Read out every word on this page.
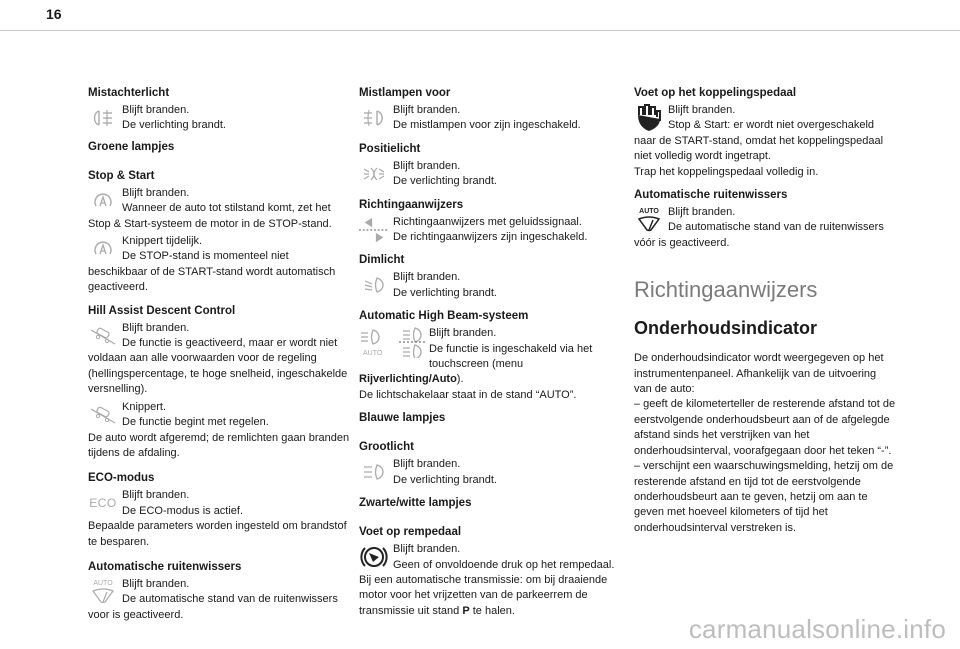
16
Mistachterlicht
Blijft branden.
De verlichting brandt.
Groene lampjes
Stop & Start
Blijft branden.
Wanneer de auto tot stilstand komt, zet het Stop & Start-systeem de motor in de STOP-stand.
Knippert tijdelijk.
De STOP-stand is momenteel niet beschikbaar of de START-stand wordt automatisch geactiveerd.
Hill Assist Descent Control
Blijft branden.
De functie is geactiveerd, maar er wordt niet voldaan aan alle voorwaarden voor de regeling (hellingspercentage, te hoge snelheid, ingeschakelde versnelling).
Knippert.
De functie begint met regelen.
De auto wordt afgeremd; de remlichten gaan branden tijdens de afdaling.
ECO-modus
ECO
Blijft branden.
De ECO-modus is actief.
Bepaalde parameters worden ingesteld om brandstof te besparen.
Automatische ruitenwissers
AUTO Blijft branden.
De automatische stand van de ruitenwissers voor is geactiveerd.
Mistlampen voor
Blijft branden.
De mistlampen voor zijn ingeschakeld.
Positielicht
Blijft branden.
De verlichting brandt.
Richtingaanwijzers
Richtingaanwijzers met geluidssignaal.
De richtingaanwijzers zijn ingeschakeld.
Dimlicht
Blijft branden.
De verlichting brandt.
Automatic High Beam-systeem
AUTO
Blijft branden.
De functie is ingeschakeld via het touchscreen (menu Rijverlichting/Auto).
De lichtschakelaar staat in de stand “AUTO”.
Blauwe lampjes
Grootlicht
Blijft branden.
De verlichting brandt.
Zwarte/witte lampjes
Voet op rempedaal
Blijft branden.
Geen of onvoldoende druk op het rempedaal.
Bij een automatische transmissie: om bij draaiende motor voor het vrijzetten van de parkeerrem de transmissie uit stand P te halen.
Voet op het koppelingspedaal
Blijft branden.
Stop & Start: er wordt niet overgeschakeld naar de START-stand, omdat het koppelingspedaal niet volledig wordt ingetrapt.
Trap het koppelingspedaal volledig in.
Automatische ruitenwissers
AUTO Blijft branden.
De automatische stand van de ruitenwissers vóór is geactiveerd.
Richtingaanwijzers
Onderhoudsindicator

De onderhoudsindicator wordt weergegeven op het instrumentenpaneel. Afhankelijk van de uitvoering van de auto:

– geeft de kilometerteller de resterende afstand tot de eerstvolgende onderhoudsbeurt aan of de afgelegde afstand sinds het verstrijken van het onderhoudsinterval, voorafgegaan door het teken “-”.

– verschijnt een waarschuwingsmelding, hetzij om de resterende afstand en tijd tot de eerstvolgende onderhoudsbeurt aan te geven, hetzij om aan te geven met hoeveel kilometers of tijd het onderhoudsinterval verstreken is.

carmanualsonline.info
